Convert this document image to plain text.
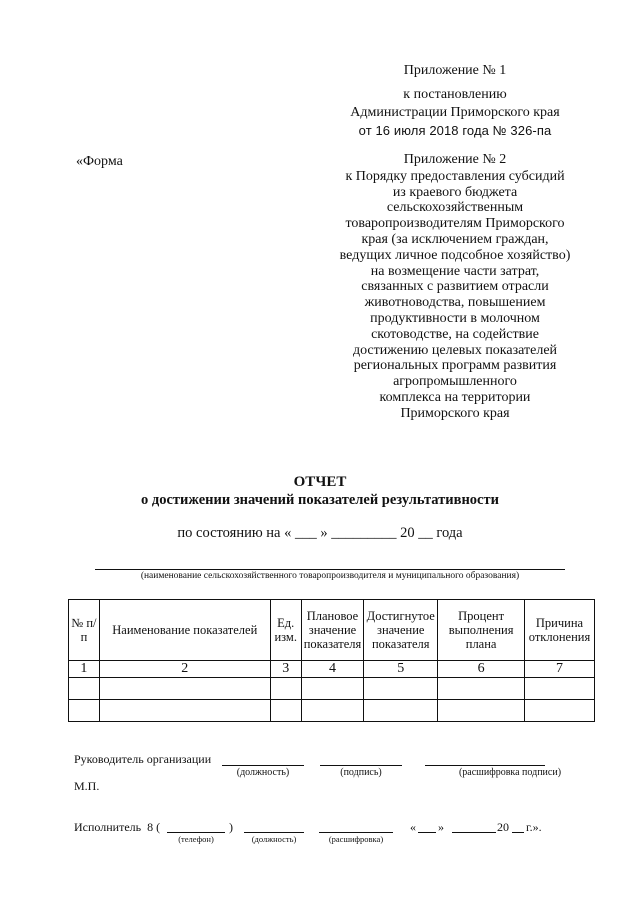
Приложение № 1
к постановлению
Администрации Приморского края
от 16 июля 2018 года № 326-па
«Форма	Приложение № 2
к Порядку предоставления субсидий
из краевого бюджета
сельскохозяйственным
товаропроизводителям Приморского
края (за исключением граждан,
ведущих личное подсобное хозяйство)
на возмещение части затрат,
связанных с развитием отрасли
животноводства, повышением
продуктивности в молочном
скотоводстве, на содействие
достижению целевых показателей
региональных программ развития
агропромышленного
комплекса на территории
Приморского края
ОТЧЕТ
о достижении значений показателей результативности
по состоянию на « ___ » _________ 20 __ года
(наименование сельскохозяйственного товаропроизводителя и муниципального образования)
№ п/п	Наименование показателей	Ед. изм.	Плановое значение показателя	Достигнутое значение показателя	Процент выполнения плана	Причина отклонения
1	2	3	4	5	6	7

Руководитель организации
(должность)	(подпись)	(расшифровка подписи)
М.П.
Исполнитель  8 (	)
(телефон)	(должность)	(расшифровка)
« »	20 г.».
